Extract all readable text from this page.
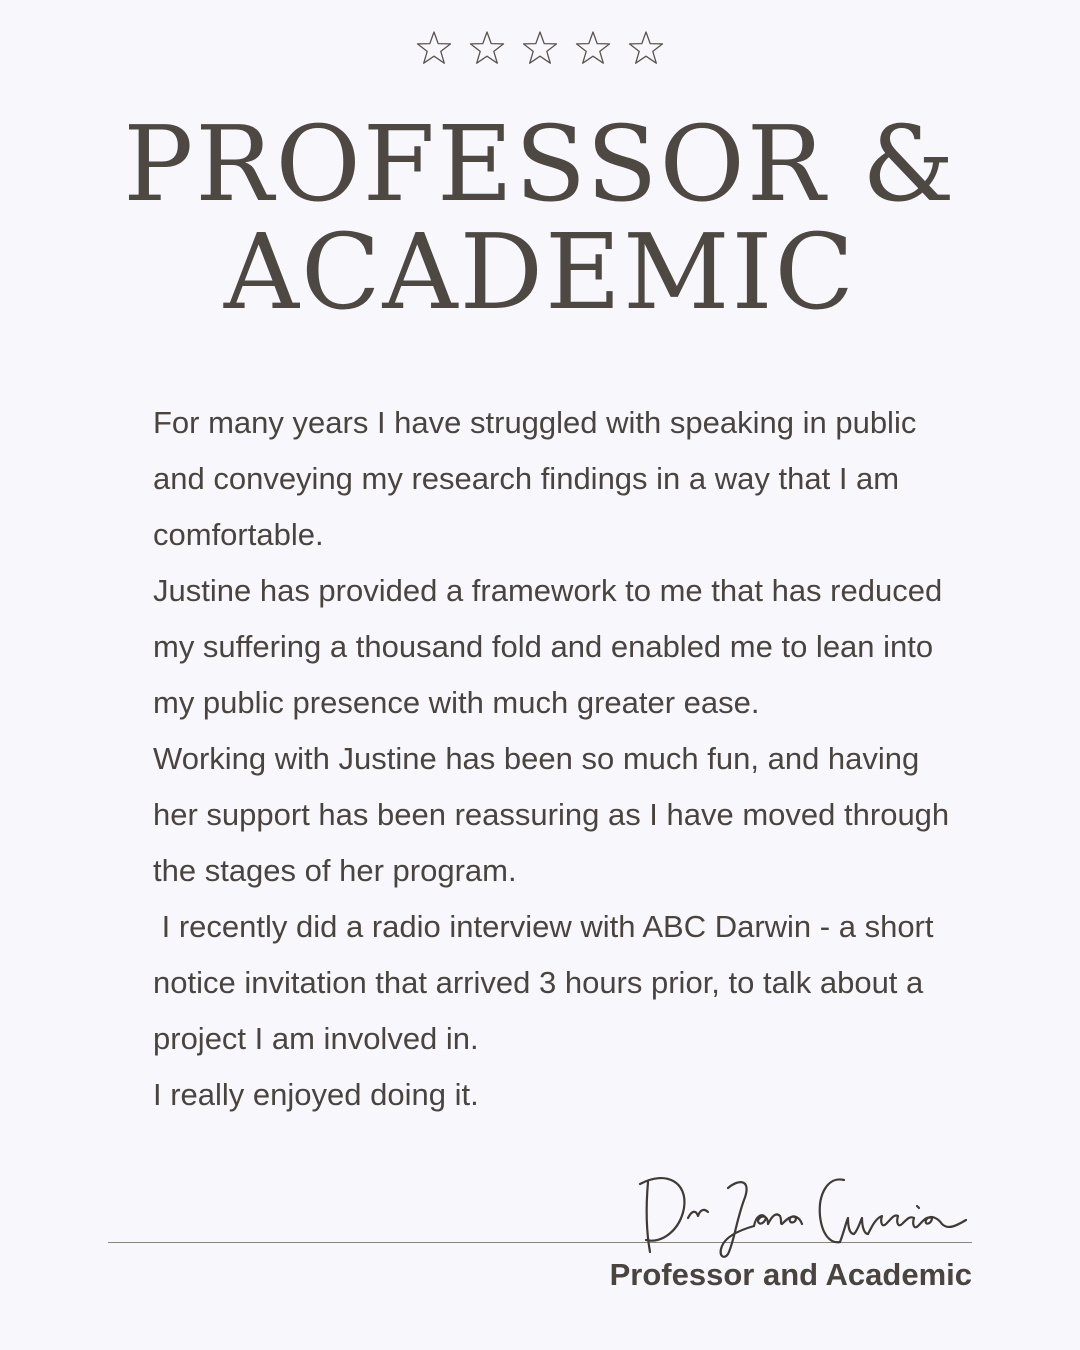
PROFESSOR &
ACADEMIC

For many years I have struggled with speaking in public and conveying my research findings in a way that I am comfortable.

Justine has provided a framework to me that has reduced my suffering a thousand fold and enabled me to lean into my public presence with much greater ease.

Working with Justine has been so much fun, and having her support has been reassuring as I have moved through the stages of her program.

I recently did a radio interview with ABC Darwin - a short notice invitation that arrived 3 hours prior, to talk about a project I am involved in.

I really enjoyed doing it.

Professor and Academic
